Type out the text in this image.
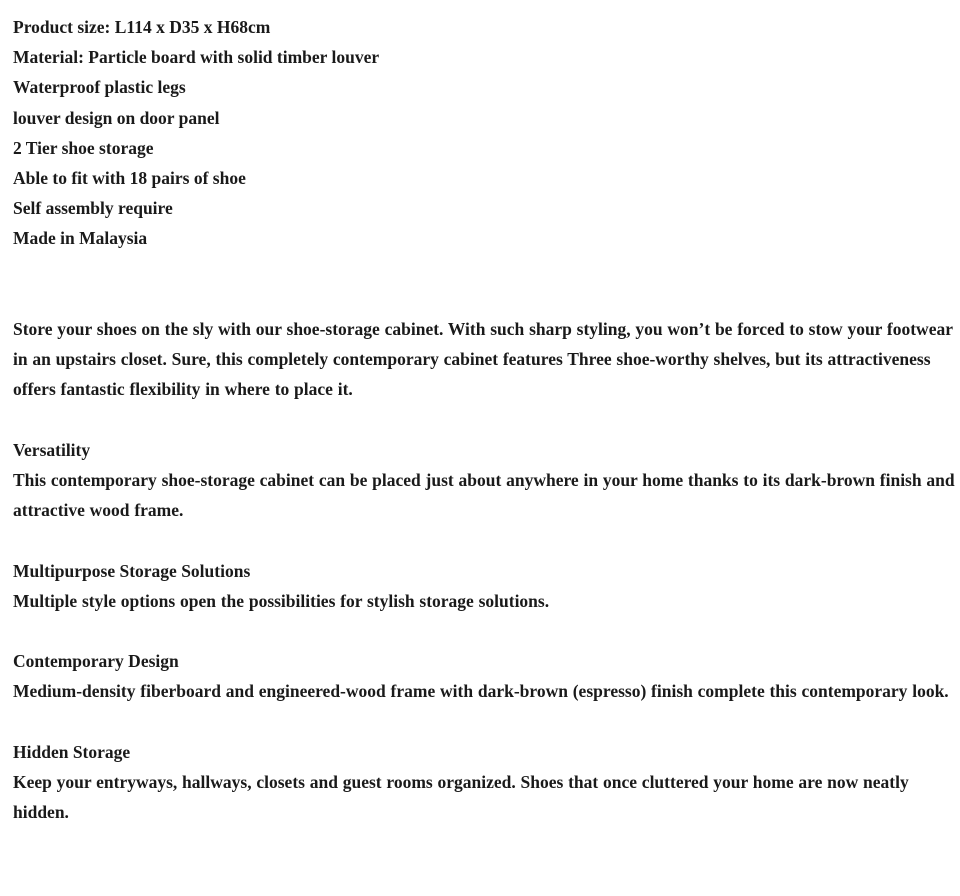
Product size: L114 x D35 x H68cm
Material: Particle board with solid timber louver
Waterproof plastic legs
louver design on door panel
2 Tier shoe storage
Able to fit with 18 pairs of shoe
Self assembly require
Made in Malaysia

Store your shoes on the sly with our shoe-storage cabinet. With such sharp styling, you won’t be forced to stow your footwear in an upstairs closet. Sure, this completely contemporary cabinet features Three shoe-worthy shelves, but its attractiveness offers fantastic flexibility in where to place it.

Versatility

This contemporary shoe-storage cabinet can be placed just about anywhere in your home thanks to its dark-brown finish and attractive wood frame.

Multipurpose Storage Solutions

Multiple style options open the possibilities for stylish storage solutions.

Contemporary Design

Medium-density fiberboard and engineered-wood frame with dark-brown (espresso) finish complete this contemporary look.

Hidden Storage

Keep your entryways, hallways, closets and guest rooms organized. Shoes that once cluttered your home are now neatly hidden.
